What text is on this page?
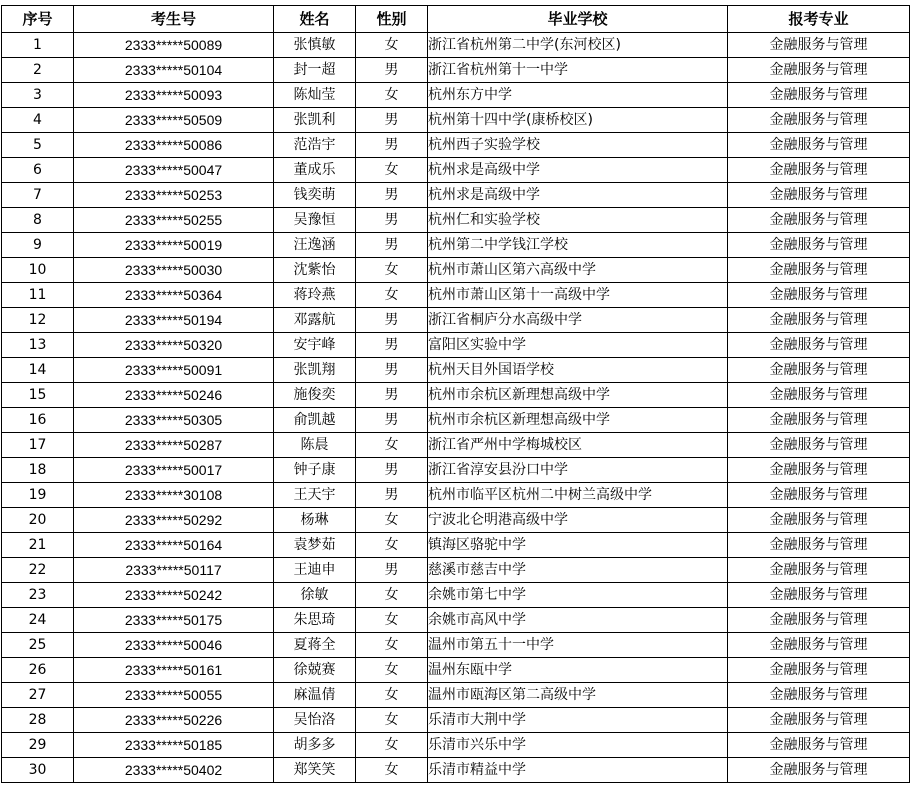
序号	考生号	姓名	性别	毕业学校	报考专业
1	2333*****50089	张慎敏	女	浙江省杭州第二中学(东河校区)	金融服务与管理
2	2333*****50104	封一超	男	浙江省杭州第十一中学	金融服务与管理
3	2333*****50093	陈灿莹	女	杭州东方中学	金融服务与管理
4	2333*****50509	张凯利	男	杭州第十四中学(康桥校区)	金融服务与管理
5	2333*****50086	范浩宇	男	杭州西子实验学校	金融服务与管理
6	2333*****50047	董成乐	女	杭州求是高级中学	金融服务与管理
7	2333*****50253	钱奕萌	男	杭州求是高级中学	金融服务与管理
8	2333*****50255	吴豫恒	男	杭州仁和实验学校	金融服务与管理
9	2333*****50019	汪逸涵	男	杭州第二中学钱江学校	金融服务与管理
10	2333*****50030	沈紫怡	女	杭州市萧山区第六高级中学	金融服务与管理
11	2333*****50364	蒋玲燕	女	杭州市萧山区第十一高级中学	金融服务与管理
12	2333*****50194	邓露航	男	浙江省桐庐分水高级中学	金融服务与管理
13	2333*****50320	安宇峰	男	富阳区实验中学	金融服务与管理
14	2333*****50091	张凯翔	男	杭州天目外国语学校	金融服务与管理
15	2333*****50246	施俊奕	男	杭州市余杭区新理想高级中学	金融服务与管理
16	2333*****50305	俞凯越	男	杭州市余杭区新理想高级中学	金融服务与管理
17	2333*****50287	陈晨	女	浙江省严州中学梅城校区	金融服务与管理
18	2333*****50017	钟子康	男	浙江省淳安县汾口中学	金融服务与管理
19	2333*****30108	王天宇	男	杭州市临平区杭州二中树兰高级中学	金融服务与管理
20	2333*****50292	杨琳	女	宁波北仑明港高级中学	金融服务与管理
21	2333*****50164	袁梦茹	女	镇海区骆驼中学	金融服务与管理
22	2333*****50117	王迪申	男	慈溪市慈吉中学	金融服务与管理
23	2333*****50242	徐敏	女	余姚市第七中学	金融服务与管理
24	2333*****50175	朱思琦	女	余姚市高风中学	金融服务与管理
25	2333*****50046	夏蒋全	女	温州市第五十一中学	金融服务与管理
26	2333*****50161	徐兢赛	女	温州东瓯中学	金融服务与管理
27	2333*****50055	麻温倩	女	温州市瓯海区第二高级中学	金融服务与管理
28	2333*****50226	吴怡洛	女	乐清市大荆中学	金融服务与管理
29	2333*****50185	胡多多	女	乐清市兴乐中学	金融服务与管理
30	2333*****50402	郑笑笑	女	乐清市精益中学	金融服务与管理
